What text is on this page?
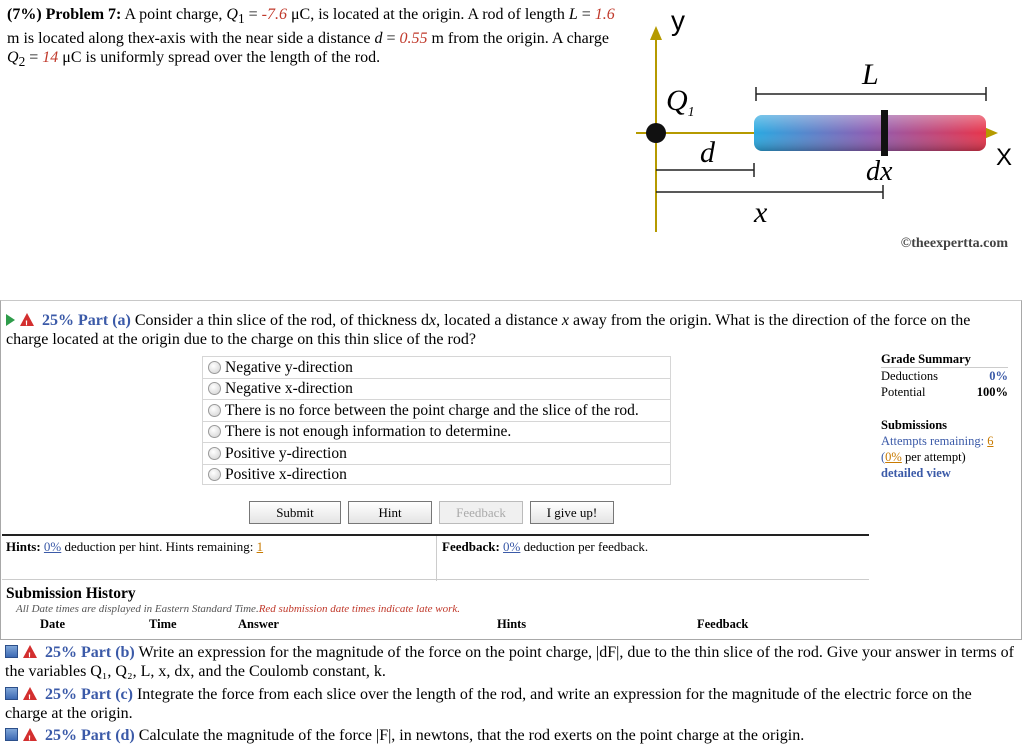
(7%) Problem 7: A point charge, $Q_1 = -7.6$ μC, is located at the origin. A rod of length L = 1.6 m is located along thex-axis with the near side a distance d = 0.55 m from the origin. A charge $Q_2 = 14$ μC is uniformly spread over the length of the rod.
y
X
$Q_1$
L
d
dx
x
©theexpertta.com
! 25% Part (a) Consider a thin slice of the rod, of thickness dx, located a distance x away from the origin. What is the direction of the force on the charge located at the origin due to the charge on this thin slice of the rod?
Negative y-direction
Negative x-direction
There is no force between the point charge and the slice of the rod.
There is not enough information to determine.
Positive y-direction
Positive x-direction
Grade Summary
Deductions	0%
Potential	100%
Submissions
Attempts remaining: 6
(0% per attempt)
detailed view
Submit	Hint	Feedback	I give up!
Hints: 0% deduction per hint. Hints remaining: 1	Feedback: 0% deduction per feedback.
Submission History
All Date times are displayed in Eastern Standard Time.Red submission date times indicate late work.
	Date	Time	Answer	Hints	Feedback
! 25% Part (b) Write an expression for the magnitude of the force on the point charge, |dF|, due to the thin slice of the rod. Give your answer in terms of the variables Q₁, Q₂, L, x, dx, and the Coulomb constant, k.
! 25% Part (c) Integrate the force from each slice over the length of the rod, and write an expression for the magnitude of the electric force on the charge at the origin.
! 25% Part (d) Calculate the magnitude of the force |F|, in newtons, that the rod exerts on the point charge at the origin.
